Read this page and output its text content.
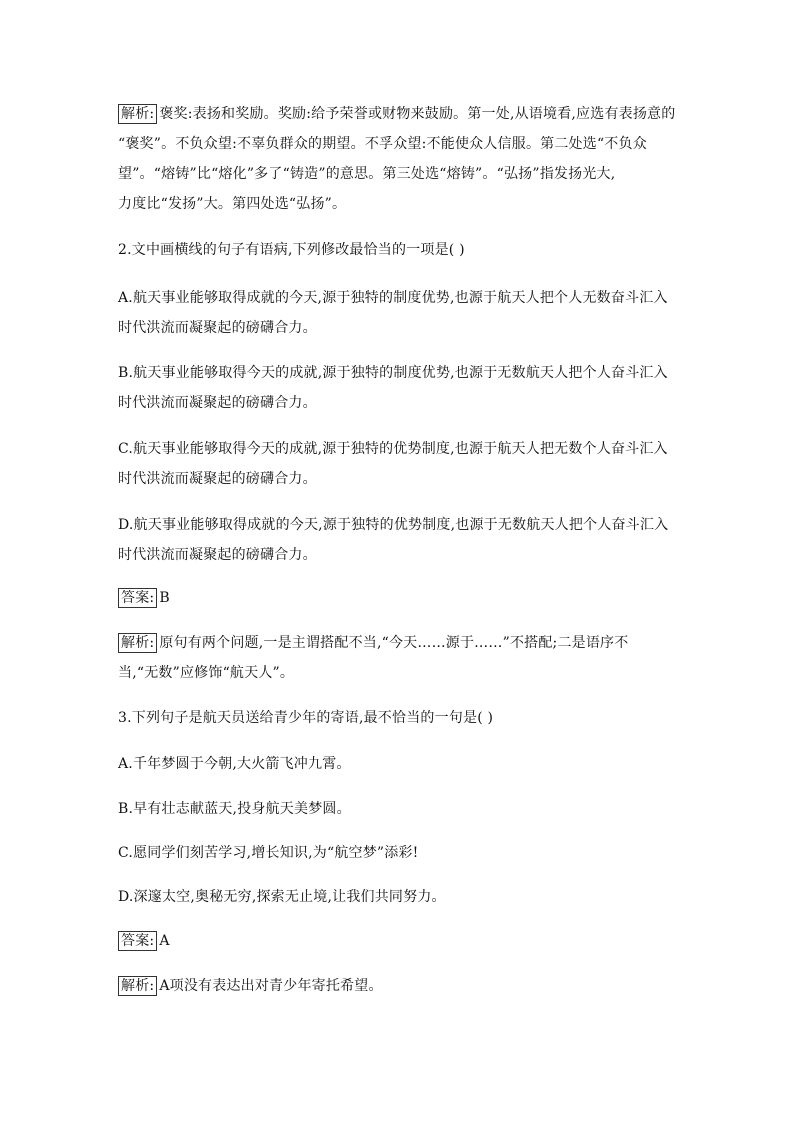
解析: 褒奖:表扬和奖励。奖励:给予荣誉或财物来鼓励。第一处,从语境看,应选有表扬意的
“褒奖”。不负众望:不辜负群众的期望。不孚众望:不能使众人信服。第二处选“不负众
望”。“熔铸”比“熔化”多了“铸造”的意思。第三处选“熔铸”。“弘扬”指发扬光大,
力度比“发扬”大。第四处选“弘扬”。
2.文中画横线的句子有语病,下列修改最恰当的一项是( )
A.航天事业能够取得成就的今天,源于独特的制度优势,也源于航天人把个人无数奋斗汇入
时代洪流而凝聚起的磅礴合力。
B.航天事业能够取得今天的成就,源于独特的制度优势,也源于无数航天人把个人奋斗汇入
时代洪流而凝聚起的磅礴合力。
C.航天事业能够取得今天的成就,源于独特的优势制度,也源于航天人把无数个人奋斗汇入
时代洪流而凝聚起的磅礴合力。
D.航天事业能够取得成就的今天,源于独特的优势制度,也源于无数航天人把个人奋斗汇入
时代洪流而凝聚起的磅礴合力。
答案: B
解析: 原句有两个问题,一是主谓搭配不当,“今天……源于……”不搭配;二是语序不
当,“无数”应修饰“航天人”。
3.下列句子是航天员送给青少年的寄语,最不恰当的一句是( )
A.千年梦圆于今朝,大火箭飞冲九霄。
B.早有壮志献蓝天,投身航天美梦圆。
C.愿同学们刻苦学习,增长知识,为“航空梦”添彩!
D.深邃太空,奥秘无穷,探索无止境,让我们共同努力。
答案: A
解析: A项没有表达出对青少年寄托希望。
